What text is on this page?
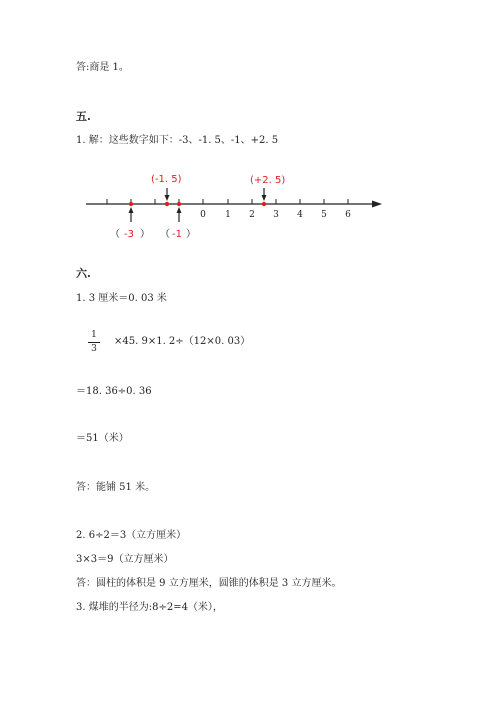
答:商是 1。
五.
1. 解：这些数字如下：-3、-1. 5、-1、+2. 5
0 1 2 3 4 5 6
(-1. 5)	(+2. 5)
-3	-1
（ ） （ ）
六.
1. 3 厘米＝0. 03 米
1
3
×45. 9×1. 2÷（12×0. 03）
＝18. 36÷0. 36
＝51（米）
答：能铺 51 米。
2. 6÷2＝3（立方厘米）
3×3＝9（立方厘米）
答：圆柱的体积是 9 立方厘米，圆锥的体积是 3 立方厘米。
3. 煤堆的半径为:8÷2=4（米），
